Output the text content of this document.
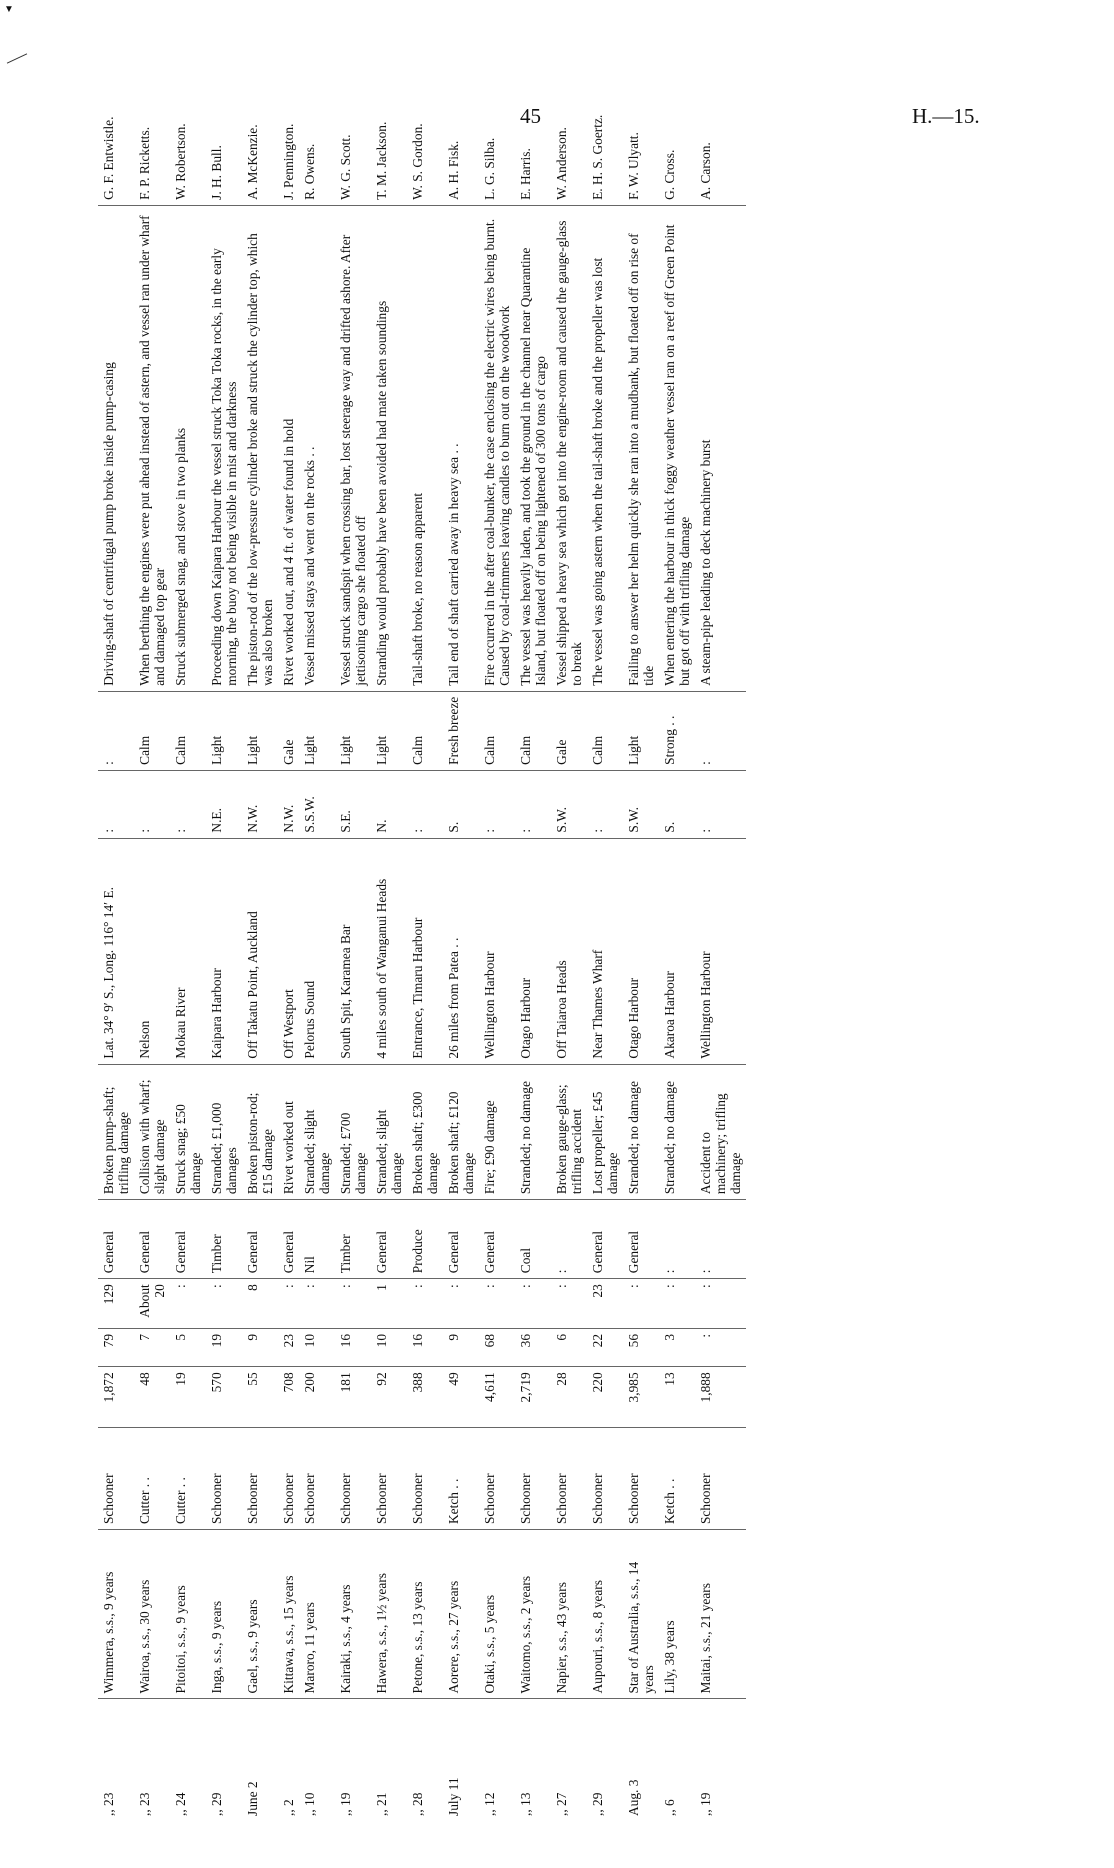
▼
45	H.—15.
,, 23	Wimmera, s.s., 9 years	Schooner	1,872	79	129	General	Broken pump-shaft; trifling damage	Lat. 34° 9′ S., Long. 116° 14′ E.	:	:	Driving-shaft of centrifugal pump broke inside pump-casing	G. F. Entwistle.
,, 23	Wairoa, s.s., 30 years	Cutter . .	48	7	About 20	General	Collision with wharf; slight damage	Nelson	:	Calm	When berthing the engines were put ahead instead of astern, and vessel ran under wharf and damaged top gear	F. P. Ricketts.
,, 24	Pitoitoi, s.s., 9 years	Cutter . .	19	5	:	General	Struck snag; £50 damage	Mokau River	:	Calm	Struck submerged snag, and stove in two planks	W. Robertson.
,, 29	Inga, s.s., 9 years	Schooner	570	19	:	Timber	Stranded; £1,000 damages	Kaipara Harbour	N.E.	Light	Proceeding down Kaipara Harbour the vessel struck Toka Toka rocks, in the early morning, the buoy not being visible in mist and darkness	J. H. Bull.
June 2	Gael, s.s., 9 years	Schooner	55	9	8	General	Broken piston-rod; £15 damage	Off Takatu Point, Auckland	N.W.	Light	The piston-rod of the low-pressure cylinder broke and struck the cylinder top, which was also broken	A. McKenzie.
,, 2	Kittawa, s.s., 15 years	Schooner	708	23	:	General	Rivet worked out	Off Westport	N.W.	Gale	Rivet worked out, and 4 ft. of water found in hold	J. Pennington.
,, 10	Maroro, 11 years	Schooner	200	10	:	Nil	Stranded; slight damage	Pelorus Sound	S.S.W.	Light	Vessel missed stays and went on the rocks . .	R. Owens.
,, 19	Kairaki, s.s., 4 years	Schooner	181	16	:	Timber	Stranded; £700 damage	South Spit, Karamea Bar	S.E.	Light	Vessel struck sandspit when crossing bar, lost steerage way and drifted ashore. After jettisoning cargo she floated off	W. G. Scott.
,, 21	Hawera, s.s., 1½ years	Schooner	92	10	1	General	Stranded; slight damage	4 miles south of Wanganui Heads	N.	Light	Stranding would probably have been avoided had mate taken soundings	T. M. Jackson.
,, 28	Petone, s.s., 13 years	Schooner	388	16	:	Produce	Broken shaft; £300 damage	Entrance, Timaru Harbour	:	Calm	Tail-shaft broke, no reason apparent	W. S. Gordon.
July 11	Aorere, s.s., 27 years	Ketch . .	49	9	:	General	Broken shaft; £120 damage	26 miles from Patea . .	S.	Fresh breeze	Tail end of shaft carried away in heavy sea . .	A. H. Fisk.
,, 12	Otaki, s.s., 5 years	Schooner	4,611	68	:	General	Fire; £90 damage	Wellington Harbour	:	Calm	Fire occurred in the after coal-bunker, the case enclosing the electric wires being burnt. Caused by coal-trimmers leaving candles to burn out on the woodwork	L. G. Silba.
,, 13	Waitomo, s.s., 2 years	Schooner	2,719	36	:	Coal	Stranded; no damage	Otago Harbour	:	Calm	The vessel was heavily laden, and took the ground in the channel near Quarantine Island, but floated off on being lightened of 300 tons of cargo	E. Harris.
,, 27	Napier, s.s., 43 years	Schooner	28	6	:	:	Broken gauge-glass; trifling accident	Off Taiaroa Heads	S.W.	Gale	Vessel shipped a heavy sea which got into the engine-room and caused the gauge-glass to break	W. Anderson.
,, 29	Aupouri, s.s., 8 years	Schooner	220	22	23	General	Lost propeller; £45 damage	Near Thames Wharf	:	Calm	The vessel was going astern when the tail-shaft broke and the propeller was lost	E. H. S. Goertz.
Aug. 3	Star of Australia, s.s., 14 years	Schooner	3,985	56	:	General	Stranded; no damage	Otago Harbour	S.W.	Light	Failing to answer her helm quickly she ran into a mudbank, but floated off on rise of tide	F. W. Ulyatt.
,, 6	Lily, 38 years	Ketch . .	13	3	:	:	Stranded; no damage	Akaroa Harbour	S.	Strong . .	When entering the harbour in thick foggy weather vessel ran on a reef off Green Point but got off with trifling damage	G. Cross.
,, 19	Maitai, s.s., 21 years	Schooner	1,888	:	:	:	Accident to machinery; trifling damage	Wellington Harbour	:	:	A steam-pipe leading to deck machinery burst	A. Carson.
